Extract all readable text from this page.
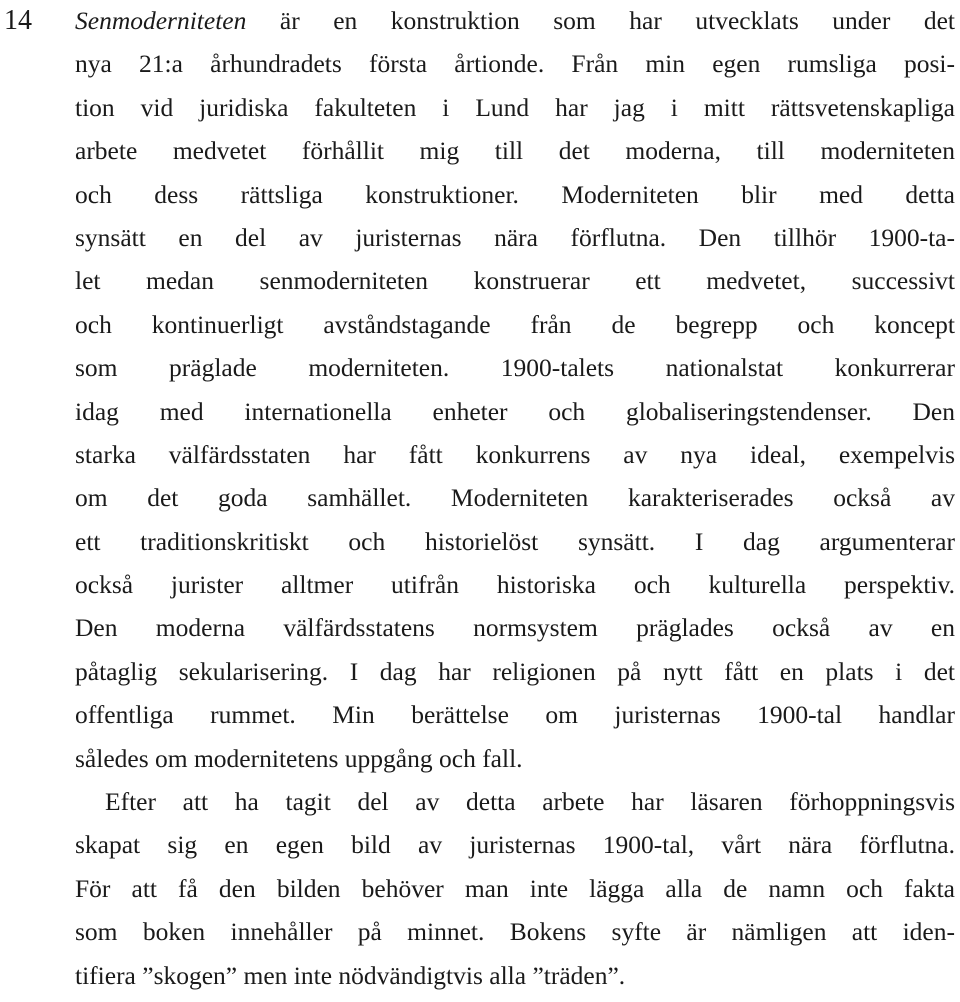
14 Senmoderniteten är en konstruktion som har utvecklats under det
nya 21:a århundradets första årtionde. Från min egen rumsliga posi-
tion vid juridiska fakulteten i Lund har jag i mitt rättsvetenskapliga
arbete medvetet förhållit mig till det moderna, till moderniteten
och dess rättsliga konstruktioner. Moderniteten blir med detta
synsätt en del av juristernas nära förflutna. Den tillhör 1900-ta-
let medan senmoderniteten konstruerar ett medvetet, successivt
och kontinuerligt avståndstagande från de begrepp och koncept
som präglade moderniteten. 1900-talets nationalstat konkurrerar
idag med internationella enheter och globaliseringstendenser. Den
starka välfärdsstaten har fått konkurrens av nya ideal, exempelvis
om det goda samhället. Moderniteten karakteriserades också av
ett traditionskritiskt och historielöst synsätt. I dag argumenterar
också jurister alltmer utifrån historiska och kulturella perspektiv.
Den moderna välfärdsstatens normsystem präglades också av en
påtaglig sekularisering. I dag har religionen på nytt fått en plats i det
offentliga rummet. Min berättelse om juristernas 1900-tal handlar
således om modernitetens uppgång och fall.
Efter att ha tagit del av detta arbete har läsaren förhoppningsvis
skapat sig en egen bild av juristernas 1900-tal, vårt nära förflutna.
För att få den bilden behöver man inte lägga alla de namn och fakta
som boken innehåller på minnet. Bokens syfte är nämligen att iden-
tifiera ”skogen” men inte nödvändigtvis alla ”träden”.
